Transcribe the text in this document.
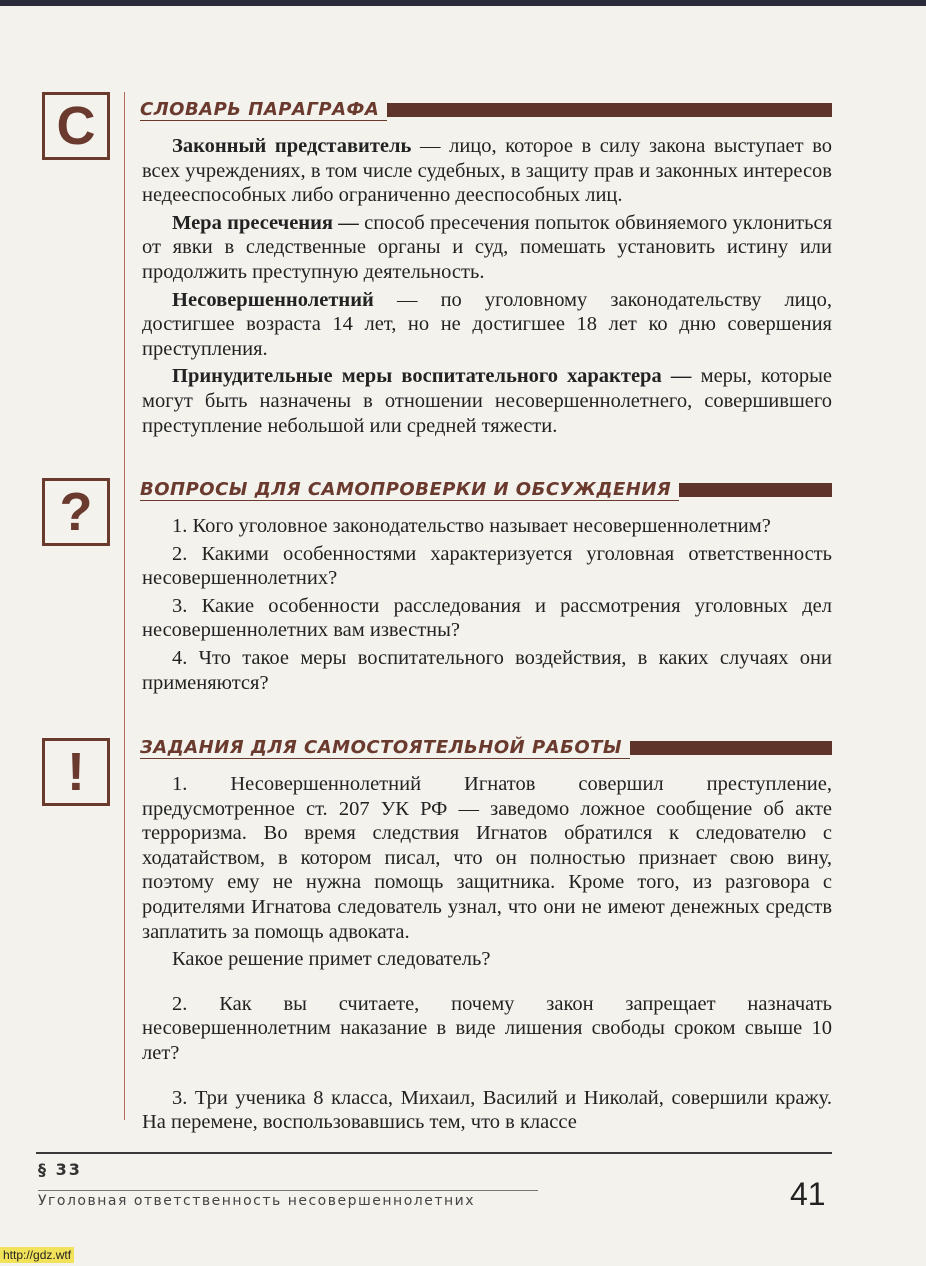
С	СЛОВАРЬ ПАРАГРАФА

Законный представитель — лицо, которое в силу закона выступает во всех учреждениях, в том числе судебных, в защиту прав и законных интересов недееспособных либо ограниченно дееспособных лиц.

Мера пресечения — способ пресечения попыток обвиняемого уклониться от явки в следственные органы и суд, помешать установить истину или продолжить преступную деятельность.

Несовершеннолетний — по уголовному законодательству лицо, достигшее возраста 14 лет, но не достигшее 18 лет ко дню совершения преступления.

Принудительные меры воспитательного характера — меры, которые могут быть назначены в отношении несовершеннолетнего, совершившего преступление небольшой или средней тяжести.

?	ВОПРОСЫ ДЛЯ САМОПРОВЕРКИ И ОБСУЖДЕНИЯ

1. Кого уголовное законодательство называет несовершеннолетним?

2. Какими особенностями характеризуется уголовная ответственность несовершеннолетних?

3. Какие особенности расследования и рассмотрения уголовных дел несовершеннолетних вам известны?

4. Что такое меры воспитательного воздействия, в каких случаях они применяются?

!	ЗАДАНИЯ ДЛЯ САМОСТОЯТЕЛЬНОЙ РАБОТЫ

1. Несовершеннолетний Игнатов совершил преступление, предусмотренное ст. 207 УК РФ — заведомо ложное сообщение об акте терроризма. Во время следствия Игнатов обратился к следователю с ходатайством, в котором писал, что он полностью признает свою вину, поэтому ему не нужна помощь защитника. Кроме того, из разговора с родителями Игнатова следователь узнал, что они не имеют денежных средств заплатить за помощь адвоката.

Какое решение примет следователь?

2. Как вы считаете, почему закон запрещает назначать несовершеннолетним наказание в виде лишения свободы сроком свыше 10 лет?

3. Три ученика 8 класса, Михаил, Василий и Николай, совершили кражу. На перемене, воспользовавшись тем, что в классе

§ 33
Уголовная ответственность несовершеннолетних	41
http://gdz.wtf
